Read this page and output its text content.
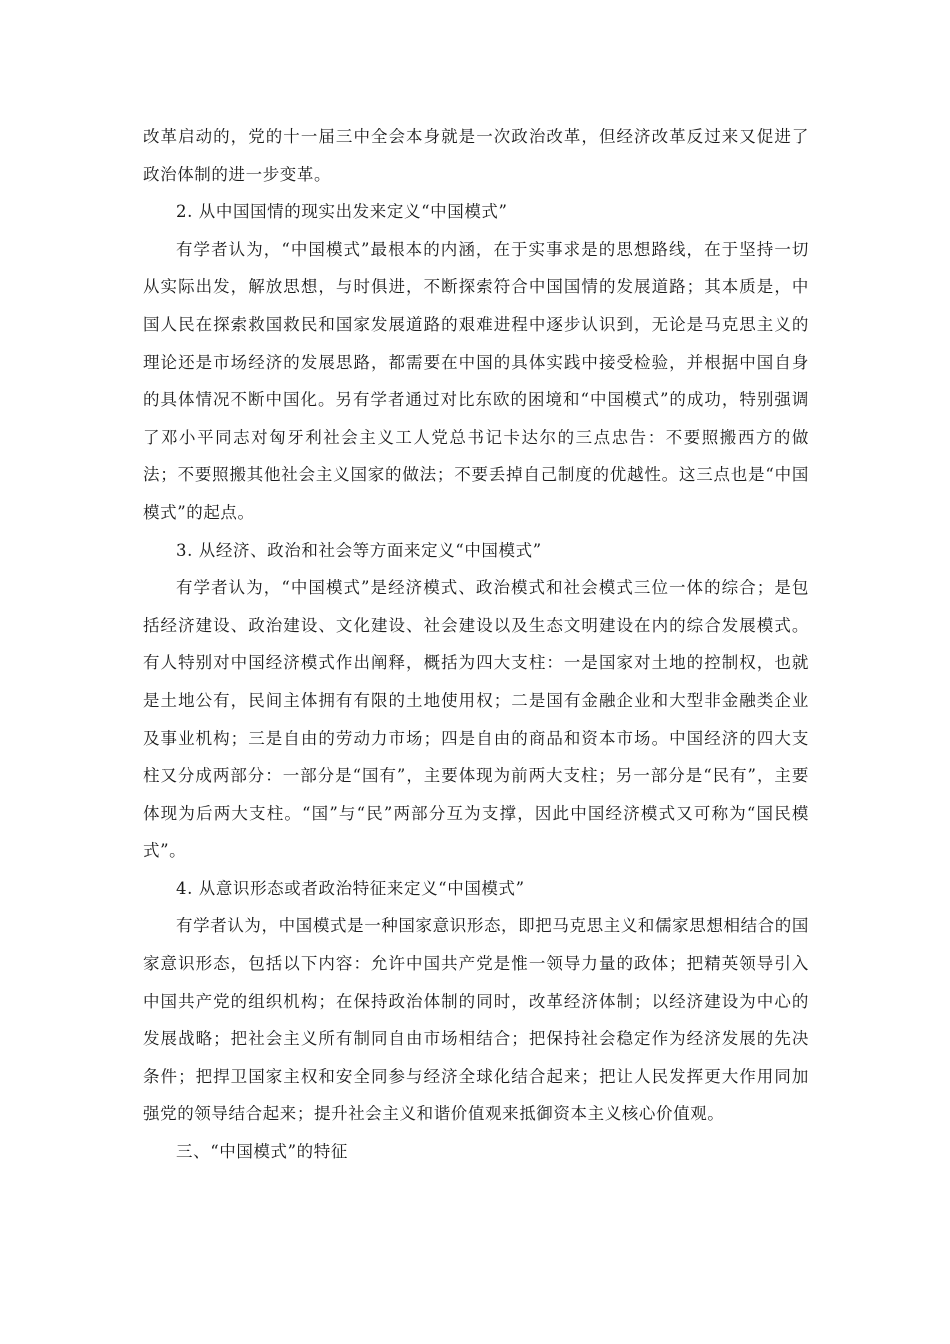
改革启动的，党的十一届三中全会本身就是一次政治改革，但经济改革反过来又促进了政治体制的进一步变革。

2. 从中国国情的现实出发来定义“中国模式”

有学者认为，“中国模式”最根本的内涵，在于实事求是的思想路线，在于坚持一切从实际出发，解放思想，与时俱进，不断探索符合中国国情的发展道路；其本质是，中国人民在探索救国救民和国家发展道路的艰难进程中逐步认识到，无论是马克思主义的理论还是市场经济的发展思路，都需要在中国的具体实践中接受检验，并根据中国自身的具体情况不断中国化。另有学者通过对比东欧的困境和“中国模式”的成功，特别强调了邓小平同志对匈牙利社会主义工人党总书记卡达尔的三点忠告：不要照搬西方的做法；不要照搬其他社会主义国家的做法；不要丢掉自己制度的优越性。这三点也是“中国模式”的起点。

3. 从经济、政治和社会等方面来定义“中国模式”

有学者认为，“中国模式”是经济模式、政治模式和社会模式三位一体的综合；是包括经济建设、政治建设、文化建设、社会建设以及生态文明建设在内的综合发展模式。有人特别对中国经济模式作出阐释，概括为四大支柱：一是国家对土地的控制权，也就是土地公有，民间主体拥有有限的土地使用权；二是国有金融企业和大型非金融类企业及事业机构；三是自由的劳动力市场；四是自由的商品和资本市场。中国经济的四大支柱又分成两部分：一部分是“国有”，主要体现为前两大支柱；另一部分是“民有”，主要体现为后两大支柱。“国”与“民”两部分互为支撑，因此中国经济模式又可称为“国民模式”。

4. 从意识形态或者政治特征来定义“中国模式”

有学者认为，中国模式是一种国家意识形态，即把马克思主义和儒家思想相结合的国家意识形态，包括以下内容：允许中国共产党是惟一领导力量的政体；把精英领导引入中国共产党的组织机构；在保持政治体制的同时，改革经济体制；以经济建设为中心的发展战略；把社会主义所有制同自由市场相结合；把保持社会稳定作为经济发展的先决条件；把捍卫国家主权和安全同参与经济全球化结合起来；把让人民发挥更大作用同加强党的领导结合起来；提升社会主义和谐价值观来抵御资本主义核心价值观。

三、“中国模式”的特征
